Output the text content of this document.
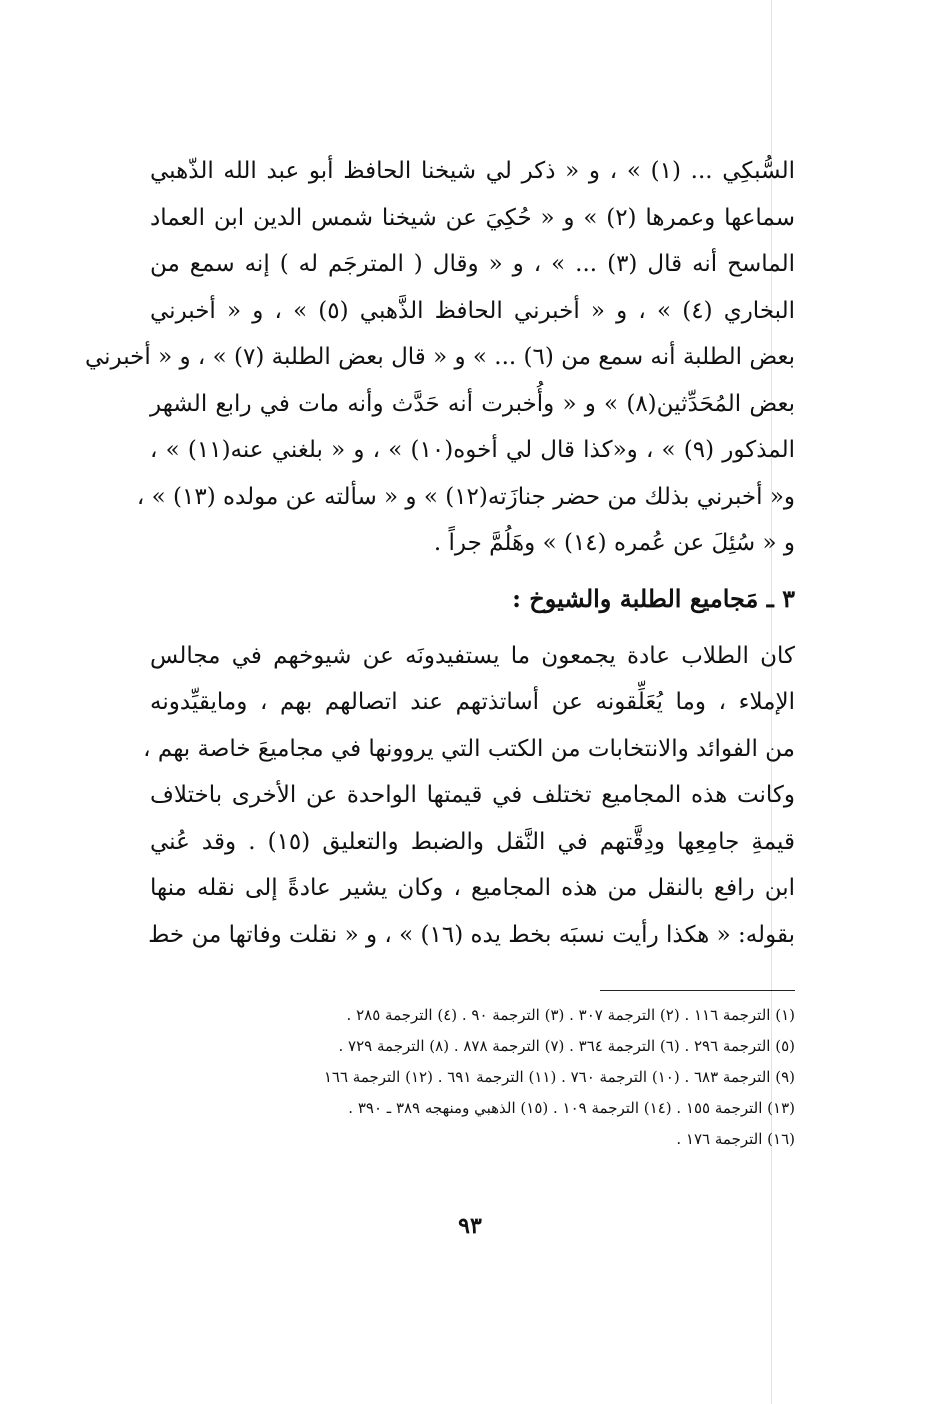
السُّبكِي ... (١) » ، و « ذكر لي شيخنا الحافظ أبو عبد الله الذّهبي
سماعها وعمرها (٢) » و « حُكِيَ عن شيخنا شمس الدين ابن العماد
الماسح أنه قال (٣) ... » ، و « وقال ( المترجَم له ) إنه سمع من
البخاري (٤) » ، و « أخبرني الحافظ الذَّهبي (٥) » ، و « أخبرني
بعض الطلبة أنه سمع من (٦) ... » و « قال بعض الطلبة (٧) » ، و « أخبرني
بعض المُحَدِّثين(٨) » و « وأُخبرت أنه حَدَّث وأنه مات في رابع الشهر
المذكور (٩) » ، و«كذا قال لي أخوه(١٠) » ، و « بلغني عنه(١١) » ،
و« أخبرني بذلك من حضر جنازَته(١٢) » و « سألته عن مولده (١٣) » ،
و « سُئِلَ عن عُمره (١٤) » وهَلُمَّ جراً .
٣ ـ مَجاميع الطلبة والشيوخ :
كان الطلاب عادة يجمعون ما يستفيدونَه عن شيوخهم في مجالس
الإملاء ، وما يُعَلِّقونه عن أساتذتهم عند اتصالهم بهم ، ومايقيِّدونه
من الفوائد والانتخابات من الكتب التي يروونها في مجاميعَ خاصة بهم ،
وكانت هذه المجاميع تختلف في قيمتها الواحدة عن الأخرى باختلاف
قيمةِ جامِعِها ودِقَّتهم في النَّقل والضبط والتعليق (١٥) . وقد عُني
ابن رافع بالنقل من هذه المجاميع ، وكان يشير عادةً إلى نقله منها
بقوله: « هكذا رأيت نسبَه بخط يده (١٦) » ، و « نقلت وفاتها من خط
(١) الترجمة ١١٦ . (٢) الترجمة ٣٠٧ . (٣) الترجمة ٩٠ . (٤) الترجمة ٢٨٥ .
(٥) الترجمة ٢٩٦ . (٦) الترجمة ٣٦٤ . (٧) الترجمة ٨٧٨ . (٨) الترجمة ٧٢٩ .
(٩) الترجمة ٦٨٣ . (١٠) الترجمة ٧٦٠ . (١١) الترجمة ٦٩١ . (١٢) الترجمة ١٦٦
(١٣) الترجمة ١٥٥ . (١٤) الترجمة ١٠٩ . (١٥) الذهبي ومنهجه ٣٨٩ ـ ٣٩٠ .
(١٦) الترجمة ١٧٦ .
٩٣
